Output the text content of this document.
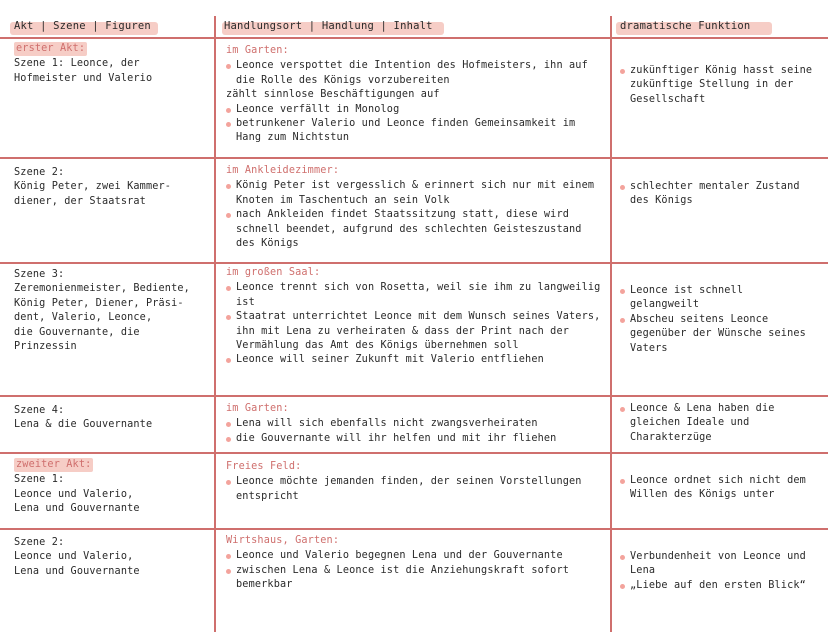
Akt | Szene | Figuren	Handlungsort | Handlung | Inhalt	dramatische Funktion
erster Akt:
Szene 1: Leonce, der
Hofmeister und Valerio
im Garten:
Leonce verspottet die Intention des Hofmeisters, ihn auf die Rolle des Königs vorzubereiten
zählt sinnlose Beschäftigungen auf
Leonce verfällt in Monolog
betrunkener Valerio und Leonce finden Gemeinsamkeit im Hang zum Nichtstun
zukünftiger König hasst seine zukünftige Stellung in der Gesellschaft
Szene 2:
König Peter, zwei Kammer-
diener, der Staatsrat
im Ankleidezimmer:
König Peter ist vergesslich & erinnert sich nur mit einem Knoten im Taschentuch an sein Volk
nach Ankleiden findet Staatssitzung statt, diese wird schnell beendet, aufgrund des schlechten Geisteszustand des Königs
schlechter mentaler Zustand des Königs
Szene 3:
Zeremonienmeister, Bediente,
König Peter, Diener, Präsi-
dent, Valerio, Leonce,
die Gouvernante, die
Prinzessin
im großen Saal:
Leonce trennt sich von Rosetta, weil sie ihm zu langweilig ist
Staatrat unterrichtet Leonce mit dem Wunsch seines Vaters, ihn mit Lena zu verheiraten & dass der Print nach der Vermählung das Amt des Königs übernehmen soll
Leonce will seiner Zukunft mit Valerio entfliehen
Leonce ist schnell gelangweilt
Abscheu seitens Leonce gegenüber der Wünsche seines Vaters
Szene 4:
Lena & die Gouvernante
im Garten:
Lena will sich ebenfalls nicht zwangsverheiraten
die Gouvernante will ihr helfen und mit ihr fliehen
Leonce & Lena haben die gleichen Ideale und Charakterzüge
zweiter Akt:
Szene 1:
Leonce und Valerio,
Lena und Gouvernante
Freies Feld:
Leonce möchte jemanden finden, der seinen Vorstellungen entspricht
Leonce ordnet sich nicht dem Willen des Königs unter
Szene 2:
Leonce und Valerio,
Lena und Gouvernante
Wirtshaus, Garten:
Leonce und Valerio begegnen Lena und der Gouvernante
zwischen Lena & Leonce ist die Anziehungskraft sofort bemerkbar
Verbundenheit von Leonce und Lena
„Liebe auf den ersten Blick“
